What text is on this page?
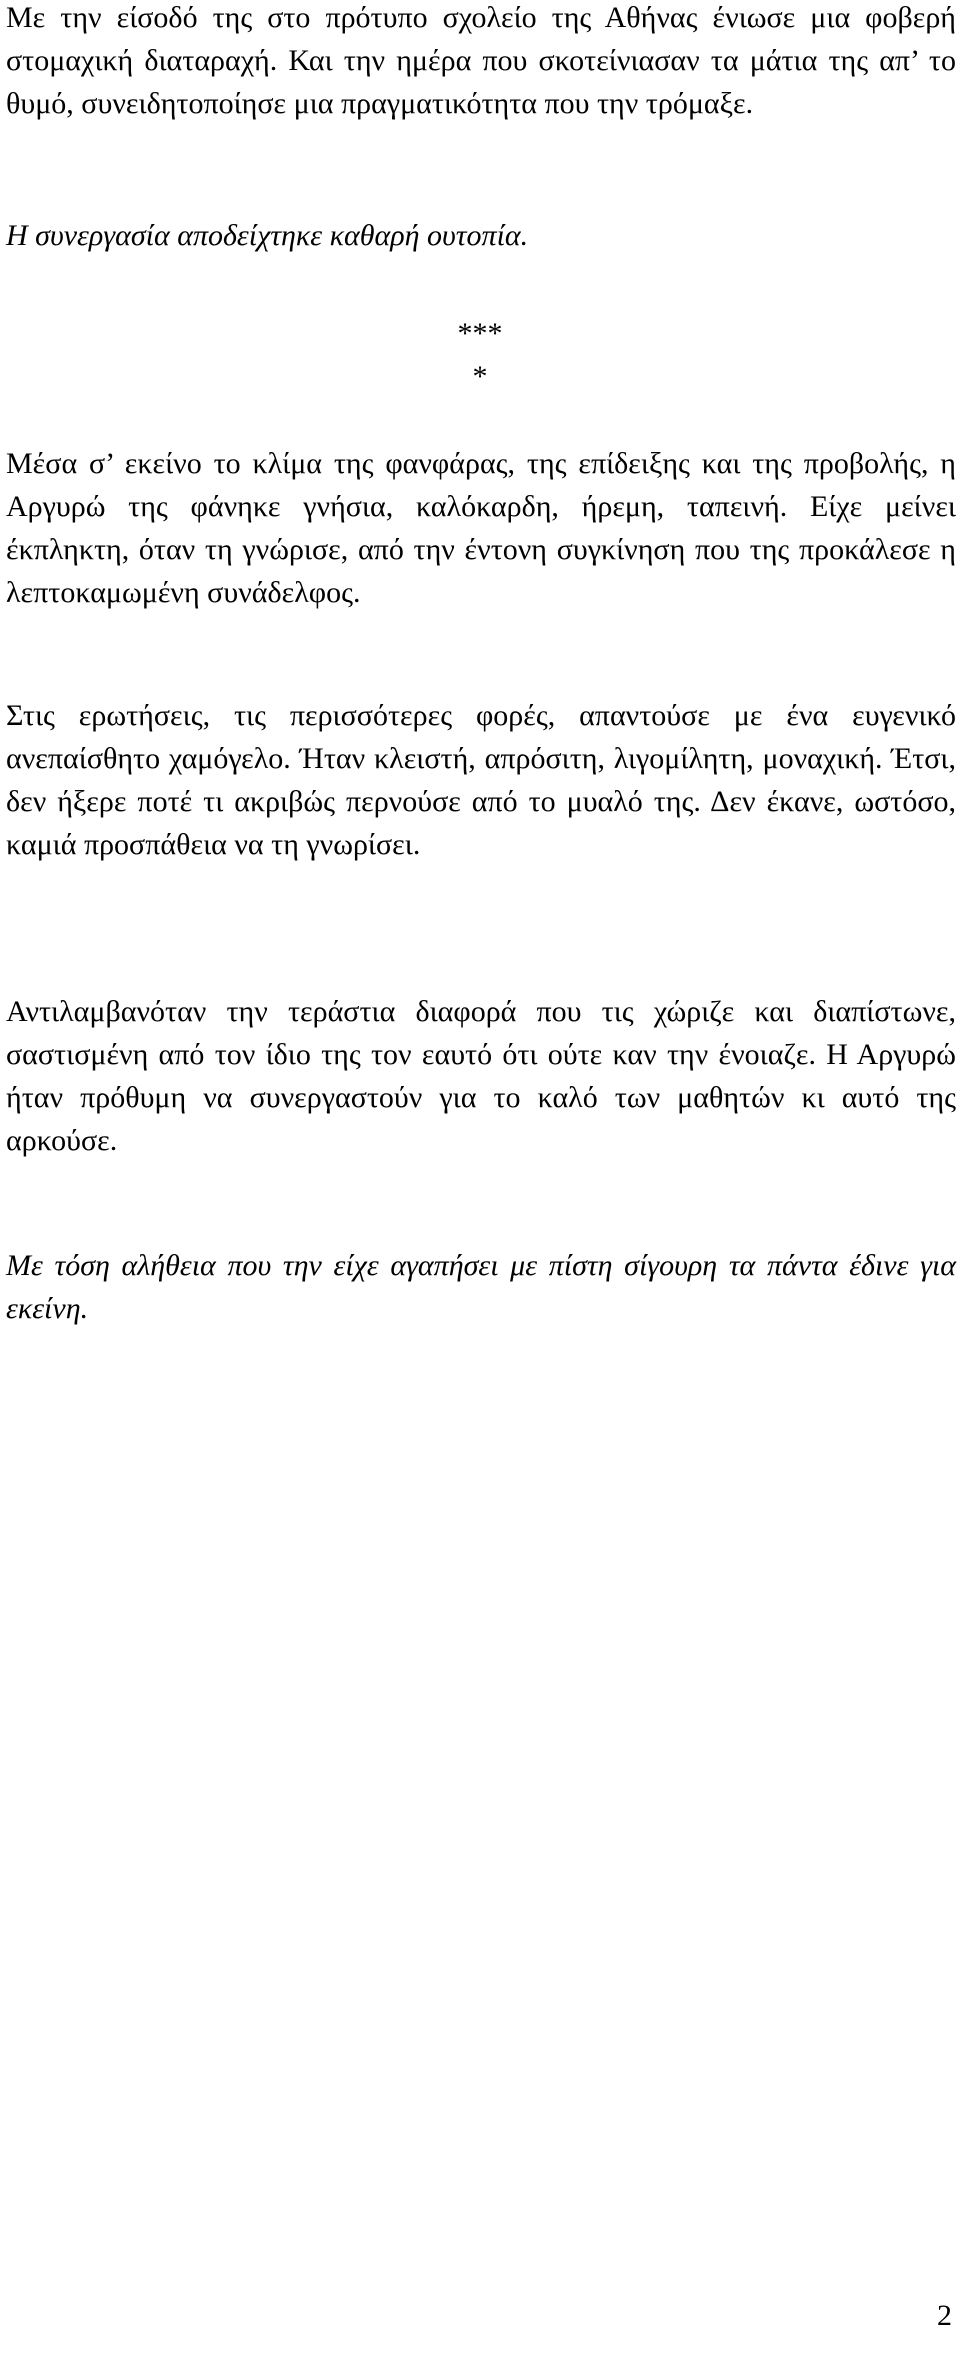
Με την είσοδό της στο πρότυπο σχολείο της Αθήνας ένιωσε μια φοβερή στομαχική διαταραχή. Και την ημέρα που σκοτείνιασαν τα μάτια της απ’ το θυμό, συνειδητοποίησε μια πραγματικότητα που την τρόμαξε.

Η συνεργασία αποδείχτηκε καθαρή ουτοπία.

***

*

Μέσα σ’ εκείνο το κλίμα της φανφάρας, της επίδειξης και της προβολής, η Αργυρώ της φάνηκε γνήσια, καλόκαρδη, ήρεμη, ταπεινή. Είχε μείνει έκπληκτη, όταν τη γνώρισε, από την έντονη συγκίνηση που της προκάλεσε η λεπτοκαμωμένη συνάδελφος.

Στις ερωτήσεις, τις περισσότερες φορές, απαντούσε με ένα ευγενικό ανεπαίσθητο χαμόγελο. Ήταν κλειστή, απρόσιτη, λιγομίλητη, μοναχική. Έτσι, δεν ήξερε ποτέ τι ακριβώς περνούσε από το μυαλό της. Δεν έκανε, ωστόσο, καμιά προσπάθεια να τη γνωρίσει.

Αντιλαμβανόταν την τεράστια διαφορά που τις χώριζε και διαπίστωνε, σαστισμένη από τον ίδιο της τον εαυτό ότι ούτε καν την ένοιαζε. Η Αργυρώ ήταν πρόθυμη να συνεργαστούν για το καλό των μαθητών κι αυτό της αρκούσε.

Με τόση αλήθεια που την είχε αγαπήσει με πίστη σίγουρη τα πάντα έδινε για εκείνη.

2
